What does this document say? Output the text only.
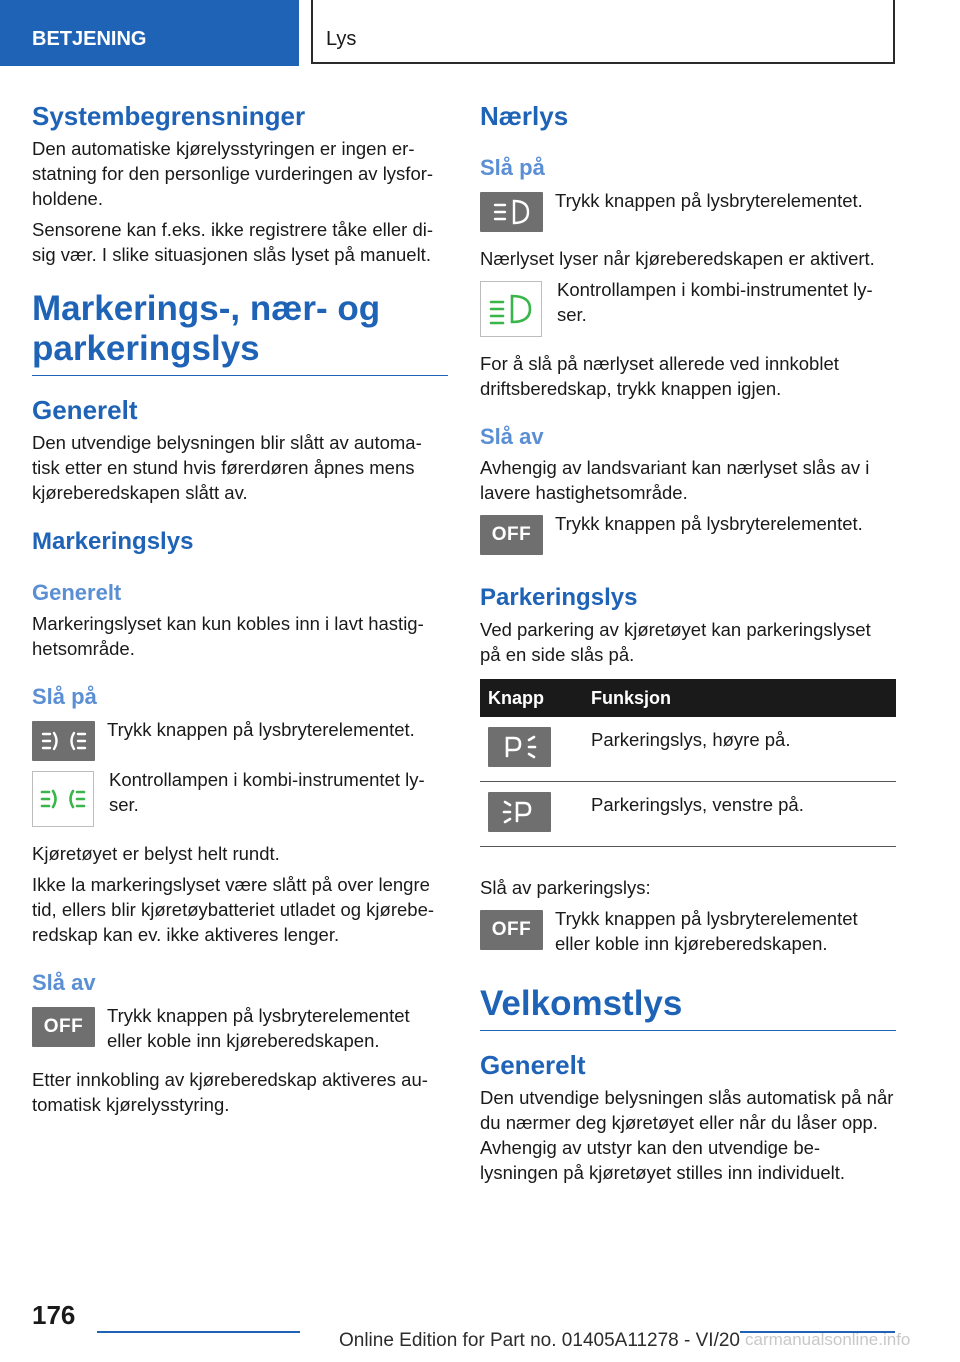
BETJENING	Lys
Systembegrensninger

Den automatiske kjørelysstyringen er ingen er-statning for den personlige vurderingen av lysfor-holdene.

Sensorene kan f.eks. ikke registrere tåke eller di-sig vær. I slike situasjonen slås lyset på manuelt.

Markerings-, nær- og parkeringslys
Generelt

Den utvendige belysningen blir slått av automa-tisk etter en stund hvis førerdøren åpnes mens kjøreberedskapen slått av.

Markeringslys
Generelt

Markeringslyset kan kun kobles inn i lavt hastig-hetsområde.

Slå på

Trykk knappen på lysbryterelementet.

Kontrollampen i kombi-instrumentet ly-ser.

Kjøretøyet er belyst helt rundt.

Ikke la markeringslyset være slått på over lengre tid, ellers blir kjøretøybatteriet utladet og kjørebe-redskap kan ev. ikke aktiveres lenger.

Slå av
OFF

Trykk knappen på lysbryterelementet eller koble inn kjøreberedskapen.

Etter innkobling av kjøreberedskap aktiveres au-tomatisk kjørelysstyring.

Nærlys
Slå på

Trykk knappen på lysbryterelementet.

Nærlyset lyser når kjøreberedskapen er aktivert.

Kontrollampen i kombi-instrumentet ly-ser.

For å slå på nærlyset allerede ved innkoblet driftsberedskap, trykk knappen igjen.

Slå av

Avhengig av landsvariant kan nærlyset slås av i lavere hastighetsområde.

OFF

Trykk knappen på lysbryterelementet.

Parkeringslys

Ved parkering av kjøretøyet kan parkeringslyset på en side slås på.

Knapp	Funksjon

	Parkeringslys, høyre på.

	Parkeringslys, venstre på.

Slå av parkeringslys:

OFF

Trykk knappen på lysbryterelementet eller koble inn kjøreberedskapen.

Velkomstlys
Generelt

Den utvendige belysningen slås automatisk på når du nærmer deg kjøretøyet eller når du låser opp. Avhengig av utstyr kan den utvendige be-lysningen på kjøretøyet stilles inn individuelt.

176
Online Edition for Part no. 01405A11278 - VI/20 carmanualsonline.info
